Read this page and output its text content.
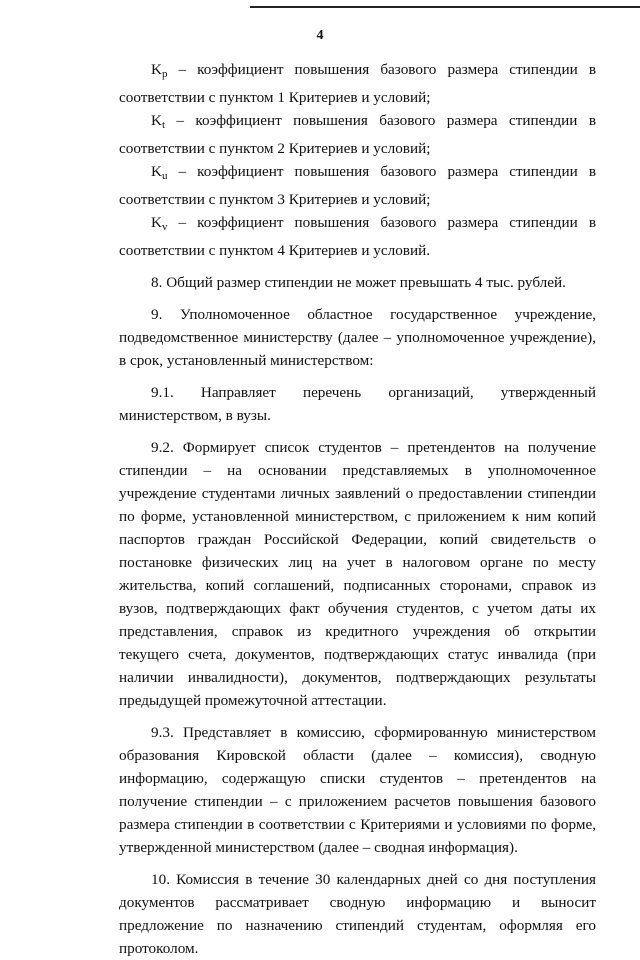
4

$K_p$ – коэффициент повышения базового размера стипендии в соответствии с пунктом 1 Критериев и условий;

$K_t$ – коэффициент повышения базового размера стипендии в соответствии с пунктом 2 Критериев и условий;

$K_u$ – коэффициент повышения базового размера стипендии в соответствии с пунктом 3 Критериев и условий;

$K_v$ – коэффициент повышения базового размера стипендии в соответствии с пунктом 4 Критериев и условий.

8. Общий размер стипендии не может превышать 4 тыс. рублей.

9. Уполномоченное областное государственное учреждение, подведомственное министерству (далее – уполномоченное учреждение), в срок, установленный министерством:

9.1. Направляет перечень организаций, утвержденный министерством, в вузы.

9.2. Формирует список студентов – претендентов на получение стипендии – на основании представляемых в уполномоченное учреждение студентами личных заявлений о предоставлении стипендии по форме, установленной министерством, с приложением к ним копий паспортов граждан Российской Федерации, копий свидетельств о постановке физических лиц на учет в налоговом органе по месту жительства, копий соглашений, подписанных сторонами, справок из вузов, подтверждающих факт обучения студентов, с учетом даты их представления, справок из кредитного учреждения об открытии текущего счета, документов, подтверждающих статус инвалида (при наличии инвалидности), документов, подтверждающих результаты предыдущей промежуточной аттестации.

9.3. Представляет в комиссию, сформированную министерством образования Кировской области (далее – комиссия), сводную информацию, содержащую списки студентов – претендентов на получение стипендии – с приложением расчетов повышения базового размера стипендии в соответствии с Критериями и условиями по форме, утвержденной министерством (далее – сводная информация).

10. Комиссия в течение 30 календарных дней со дня поступления документов рассматривает сводную информацию и выносит предложение по назначению стипендий студентам, оформляя его протоколом.
